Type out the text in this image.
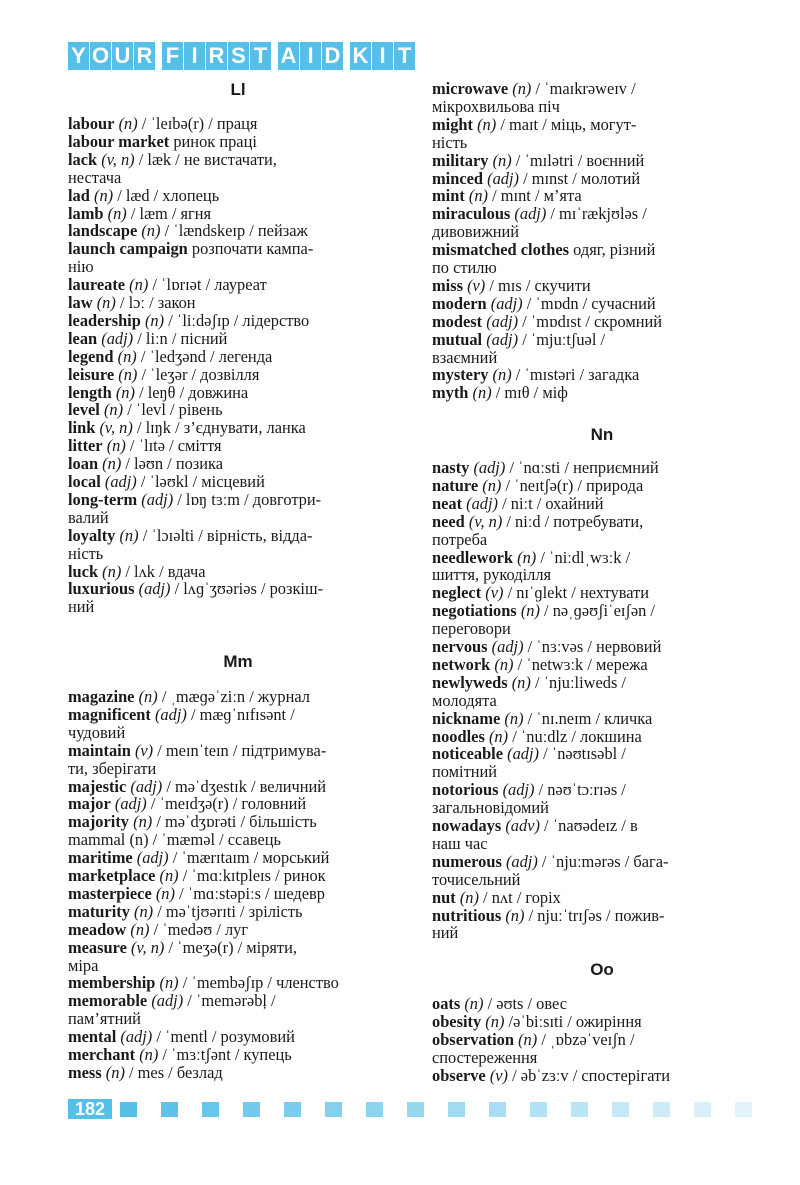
Y O U R F I R S T A I D K I T
Ll
labour (n) / ˈleɪbə(r) / праця
labour market ринок праці
lack (v, n) / læk / не вистачати,
нестача
lad (n) / læd / хлопець
lamb (n) / læm / ягня
landscape (n) / ˈlændskeɪp / пейзаж
launch campaign розпочати кампа-
нію
laureate (n) / ˈlɒrɪət / лауреат
law (n) / lɔː / закон
leadership (n) / ˈliːdəʃɪp / лідерство
lean (adj) / liːn / пісний
legend (n) / ˈledʒənd / легенда
leisure (n) / ˈleʒər / дозвілля
length (n) / leŋθ / довжина
level (n) / ˈlevl / рівень
link (v, n) / lɪŋk / з’єднувати, ланка
litter (n) / ˈlɪtə / сміття
loan (n) / ləʊn / позика
local (adj) / ˈləʊkl / місцевий
long-term (adj) / lɒŋ tɜːm / довготри-
валий
loyalty (n) / ˈlɔɪəlti / вірність, відда-
ність
luck (n) / lʌk / вдача
luxurious (adj) / lʌɡˈʒʊəriəs / розкіш-
ний
Mm
magazine (n) / ˌmæɡəˈziːn / журнал
magnificent (adj) / mæɡˈnɪfɪsənt /
чудовий
maintain (v) / meɪnˈteɪn / підтримува-
ти, зберігати
majestic (adj) / məˈdʒestɪk / величний
major (adj) / ˈmeɪdʒə(r) / головний
majority (n) / məˈdʒɒrəti / більшість
mammal (n) / ˈmæməl / ссавець
maritime (adj) / ˈmærɪtaɪm / морський
marketplace (n) / ˈmɑːkɪtpleɪs / ринок
masterpiece (n) / ˈmɑːstəpiːs / шедевр
maturity (n) / məˈtjʊərɪti / зрілість
meadow (n) / ˈmedəʊ / луг
measure (v, n) / ˈmeʒə(r) / міряти,
міра
membership (n) / ˈmembəʃɪp / членство
memorable (adj) / ˈmemərəbļ /
пам’ятний
mental (adj) / ˈmentl / розумовий
merchant (n) / ˈmɜːtʃənt / купець
mess (n) / mes / безлад
microwave (n) / ˈmaɪkrəweɪv /
мікрохвильова піч
might (n) / maɪt / міць, могут-
ність
military (n) / ˈmɪlətri / воєнний
minced (adj) / mɪnst / молотий
mint (n) / mɪnt / м’ята
miraculous (adj) / mɪˈrækjʊləs /
дивовижний
mismatched clothes одяг, різний
по стилю
miss (v) / mɪs / скучити
modern (adj) / ˈmɒdn / сучасний
modest (adj) / ˈmɒdɪst / скромний
mutual (adj) / ˈmjuːtʃuəl /
взаємний
mystery (n) / ˈmɪstəri / загадка
myth (n) / mɪθ / міф
Nn
nasty (adj) / ˈnɑːsti / неприємний
nature (n) / ˈneɪtʃə(r) / природа
neat (adj) / niːt / охайний
need (v, n) / niːd / потребувати,
потреба
needlework (n) / ˈniːdlˌwɜːk /
шиття, рукоділля
neglect (v) / nɪˈɡlekt / нехтувати
negotiations (n) / nəˌɡəʊʃiˈeɪʃən /
переговори
nervous (adj) / ˈnɜːvəs / нервовий
network (n) / ˈnetwɜːk / мережа
newlyweds (n) / ˈnjuːliweds /
молодята
nickname (n) / ˈnɪ.neɪm / кличка
noodles (n) / ˈnuːdlz / локшина
noticeable (adj) / ˈnəʊtɪsəbl /
помітний
notorious (adj) / nəʊˈtɔːrɪəs /
загальновідомий
nowadays (adv) / ˈnaʊədeɪz / в
наш час
numerous (adj) / ˈnjuːmərəs / бага-
точисельний
nut (n) / nʌt / горіх
nutritious (n) / njuːˈtrɪʃəs / пожив-
ний
Oo
oats (n) / əʊts / овес
obesity (n) /əˈbiːsɪti / ожиріння
observation (n) / ˌɒbzəˈveɪʃn /
спостереження
observe (v) / əbˈzɜːv / спостерігати
182
